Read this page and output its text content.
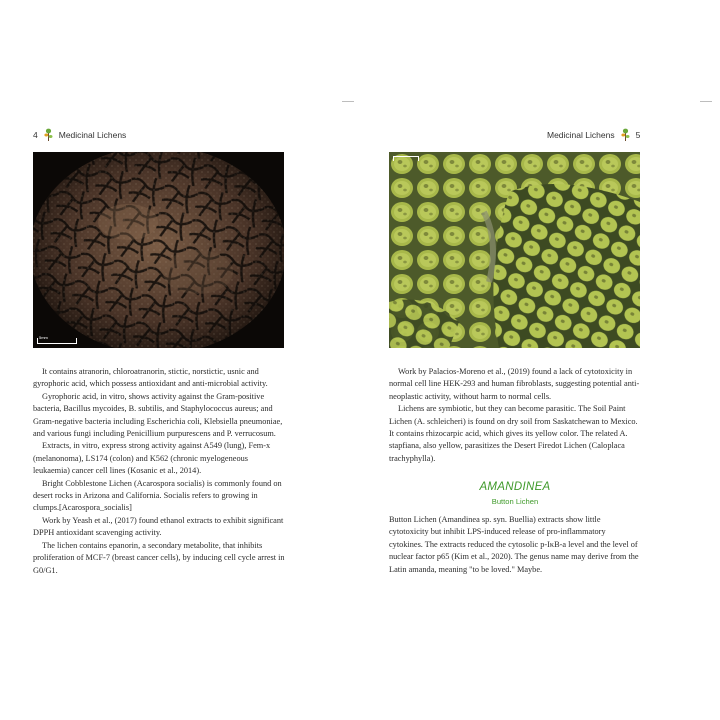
4 Medicinal Lichens
5mm

It contains atranorin, chloroatranorin, stictic, norstictic, usnic and gyrophoric acid, which possess antioxidant and anti-microbial activity.

Gyrophoric acid, in vitro, shows activity against the Gram-positive bacteria, Bacillus mycoides, B. subtilis, and Staphylococcus aureus; and Gram-negative bacteria including Escherichia coli, Klebsiella pneumoniae, and various fungi including Penicillium purpurescens and P. verrucosum.

Extracts, in vitro, express strong activity against A549 (lung), Fem-x (melanonoma), LS174 (colon) and K562 (chronic myelogeneous leukaemia) cancer cell lines (Kosanic et al., 2014).

Bright Cobblestone Lichen (Acarospora socialis) is commonly found on desert rocks in Arizona and California. Socialis refers to growing in clumps.[Acarospora_socialis]

Work by Yeash et al., (2017) found ethanol extracts to exhibit significant DPPH antioxidant scavenging activity.

The lichen contains epanorin, a secondary metabolite, that inhibits proliferation of MCF-7 (breast cancer cells), by inducing cell cycle arrest in G0/G1.

Medicinal Lichens 5

Work by Palacios-Moreno et al., (2019) found a lack of cytotoxicity in normal cell line HEK-293 and human fibroblasts, suggesting potential anti-neoplastic activity, without harm to normal cells.

Lichens are symbiotic, but they can become parasitic. The Soil Paint Lichen (A. schleicheri) is found on dry soil from Saskatchewan to Mexico. It contains rhizocarpic acid, which gives its yellow color. The related A. stapfiana, also yellow, parasitizes the Desert Firedot Lichen (Caloplaca trachyphylla).

AMANDINEA
Button Lichen

Button Lichen (Amandinea sp. syn. Buellia) extracts show little cytotoxicity but inhibit LPS-induced release of pro-inflammatory cytokines. The extracts reduced the cytosolic p-IκB-a level and the level of nuclear factor p65 (Kim et al., 2020). The genus name may derive from the Latin amanda, meaning "to be loved." Maybe.
